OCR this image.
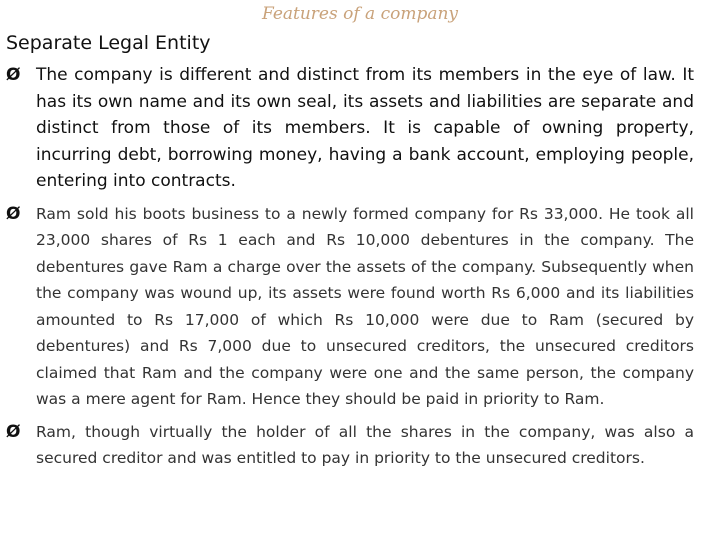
Features of a company
Separate Legal Entity
Ø The company is different and distinct from its members in the eye of law. It has its own name and its own seal, its assets and liabilities are separate and distinct from those of its members. It is capable of owning property, incurring debt, borrowing money, having a bank account, employing people, entering into contracts.
Ø Ram sold his boots business to a newly formed company for Rs 33,000. He took all 23,000 shares of Rs 1 each and Rs 10,000 debentures in the company. The debentures gave Ram a charge over the assets of the company. Subsequently when the company was wound up, its assets were found worth Rs 6,000 and its liabilities amounted to Rs 17,000 of which Rs 10,000 were due to Ram (secured by debentures) and Rs 7,000 due to unsecured creditors, the unsecured creditors claimed that Ram and the company were one and the same person, the company was a mere agent for Ram. Hence they should be paid in priority to Ram.
Ø Ram, though virtually the holder of all the shares in the company, was also a secured creditor and was entitled to pay in priority to the unsecured creditors.
